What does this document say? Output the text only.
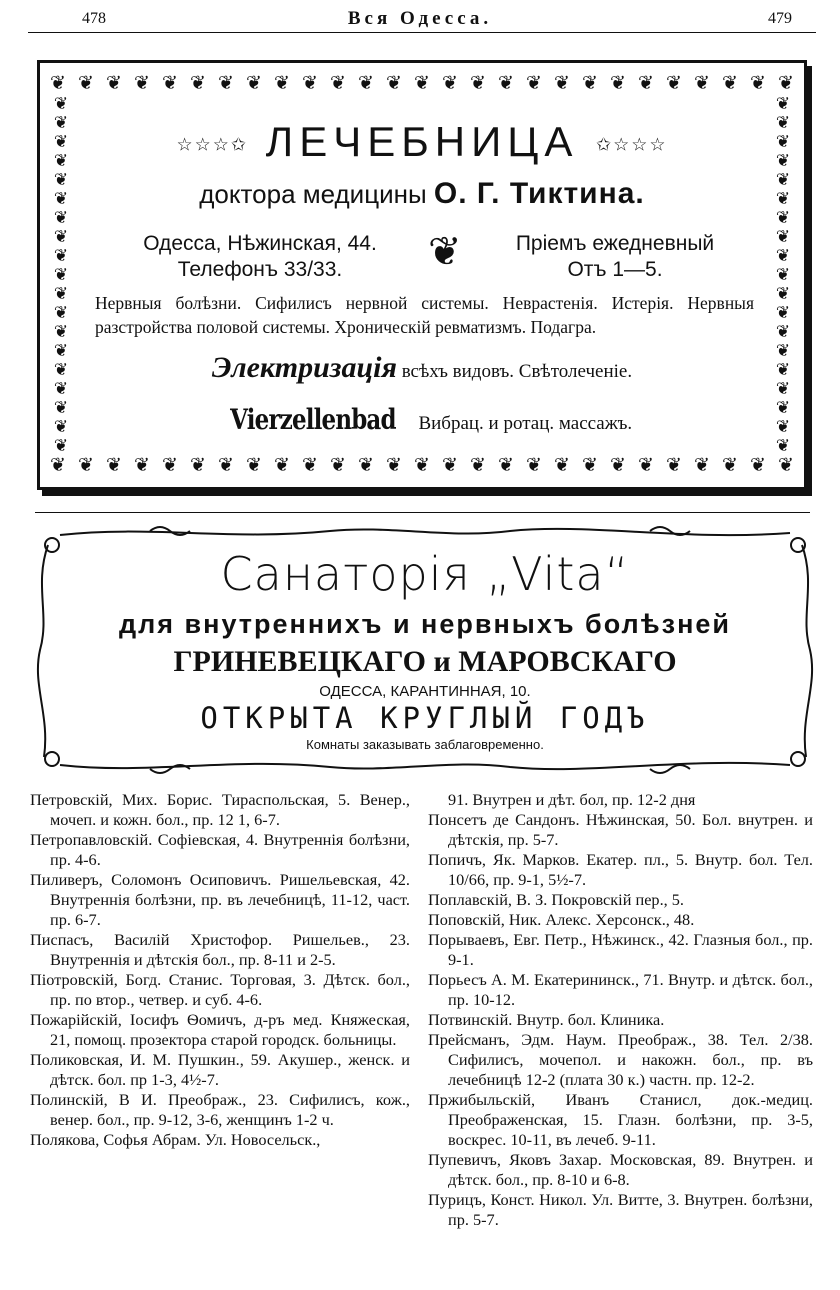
478	Вся Одесса.	479
❦ ❦ ❦ ❦ ❦ ❦ ❦ ❦ ❦ ❦ ❦ ❦ ❦ ❦ ❦ ❦ ❦ ❦ ❦ ❦ ❦ ❦ ❦ ❦ ❦ ❦ ❦
❦ ❦ ❦ ❦ ❦ ❦ ❦ ❦ ❦ ❦ ❦ ❦ ❦ ❦ ❦ ❦ ❦ ❦ ❦ ❦ ❦ ❦ ❦ ❦ ❦ ❦ ❦
❦
❦
❦
❦
❦
❦
❦
❦
❦
❦
❦
❦
❦
❦
❦
❦
❦
❦
❦
❦
❦
❦
❦
❦
❦
❦
❦
❦
❦
❦
❦
❦
❦
❦
❦
❦
❦
❦
☆☆☆✩ ЛЕЧЕБНИЦА ✩☆☆☆
доктора медицины О. Г. Тиктина.
Одесса, Нѣжинская, 44.
Телефонъ 33/33.	❦	Пріемъ ежедневный
Отъ 1—5.
Нервныя болѣзни. Сифилисъ нервной системы. Неврастенія. Истерія. Нервныя разстройства половой системы. Хроническій ревматизмъ. Подагра.
Электризація всѣхъ видовъ. Свѣтолеченіе.
Vierzellenbad Вибрац. и ротац. массажъ.
Санаторія „Vita“
для внутреннихъ и нервныхъ болѣзней
ГРИНЕВЕЦКАГО и МАРОВСКАГО
ОДЕССА, КАРАНТИННАЯ, 10.
ОТКРЫТА КРУГЛЫЙ ГОДЪ
Комнаты заказывать заблаговременно.
Петровскій, Мих. Борис. Тираспольская, 5. Венер., мочеп. и кожн. бол., пр. 12 1, 6-7.
Петропавловскій. Софіевская, 4. Внутреннія болѣзни, пр. 4-6.
Пиливеръ, Соломонъ Осиповичъ. Ришельевская, 42. Внутреннія болѣзни, пр. въ лечебницѣ, 11-12, част. пр. 6-7.
Писпасъ, Василій Христофор. Ришельев., 23. Внутреннія и дѣтскія бол., пр. 8-11 и 2-5.
Піотровскій, Богд. Станис. Торговая, 3. Дѣтск. бол., пр. по втор., четвер. и суб. 4-6.
Пожарійскій, Іосифъ Ѳомичъ, д-ръ мед. Княжеская, 21, помощ. прозектора старой городск. больницы.
Поликовская, И. М. Пушкин., 59. Акушер., женск. и дѣтск. бол. пр 1-3, 4½-7.
Полинскій, В И. Преображ., 23. Сифилисъ, кож., венер. бол., пр. 9-12, 3-6, женщинъ 1-2 ч.
Полякова, Софья Абрам. Ул. Новосельск.,
91. Внутрен и дѣт. бол, пр. 12-2 дня
Понсетъ де Сандонъ. Нѣжинская, 50. Бол. внутрен. и дѣтскія, пр. 5-7.
Попичъ, Як. Марков. Екатер. пл., 5. Внутр. бол. Тел. 10/66, пр. 9-1, 5½-7.
Поплавскій, В. З. Покровскій пер., 5.
Поповскій, Ник. Алекс. Херсонск., 48.
Порываевъ, Евг. Петр., Нѣжинск., 42. Глазныя бол., пр. 9-1.
Порьесъ А. М. Екатерининск., 71. Внутр. и дѣтск. бол., пр. 10-12.
Потвинскій. Внутр. бол. Клиника.
Прейсманъ, Эдм. Наум. Преображ., 38. Тел. 2/38. Сифилисъ, мочепол. и накожн. бол., пр. въ лечебницѣ 12-2 (плата 30 к.) частн. пр. 12-2.
Пржибыльскій, Иванъ Станисл, док.-медиц. Преображенская, 15. Глазн. болѣзни, пр. 3-5, воскрес. 10-11, въ лечеб. 9-11.
Пупевичъ, Яковъ Захар. Московская, 89. Внутрен. и дѣтск. бол., пр. 8-10 и 6-8.
Пурицъ, Конст. Никол. Ул. Витте, 3. Внутрен. болѣзни, пр. 5-7.
